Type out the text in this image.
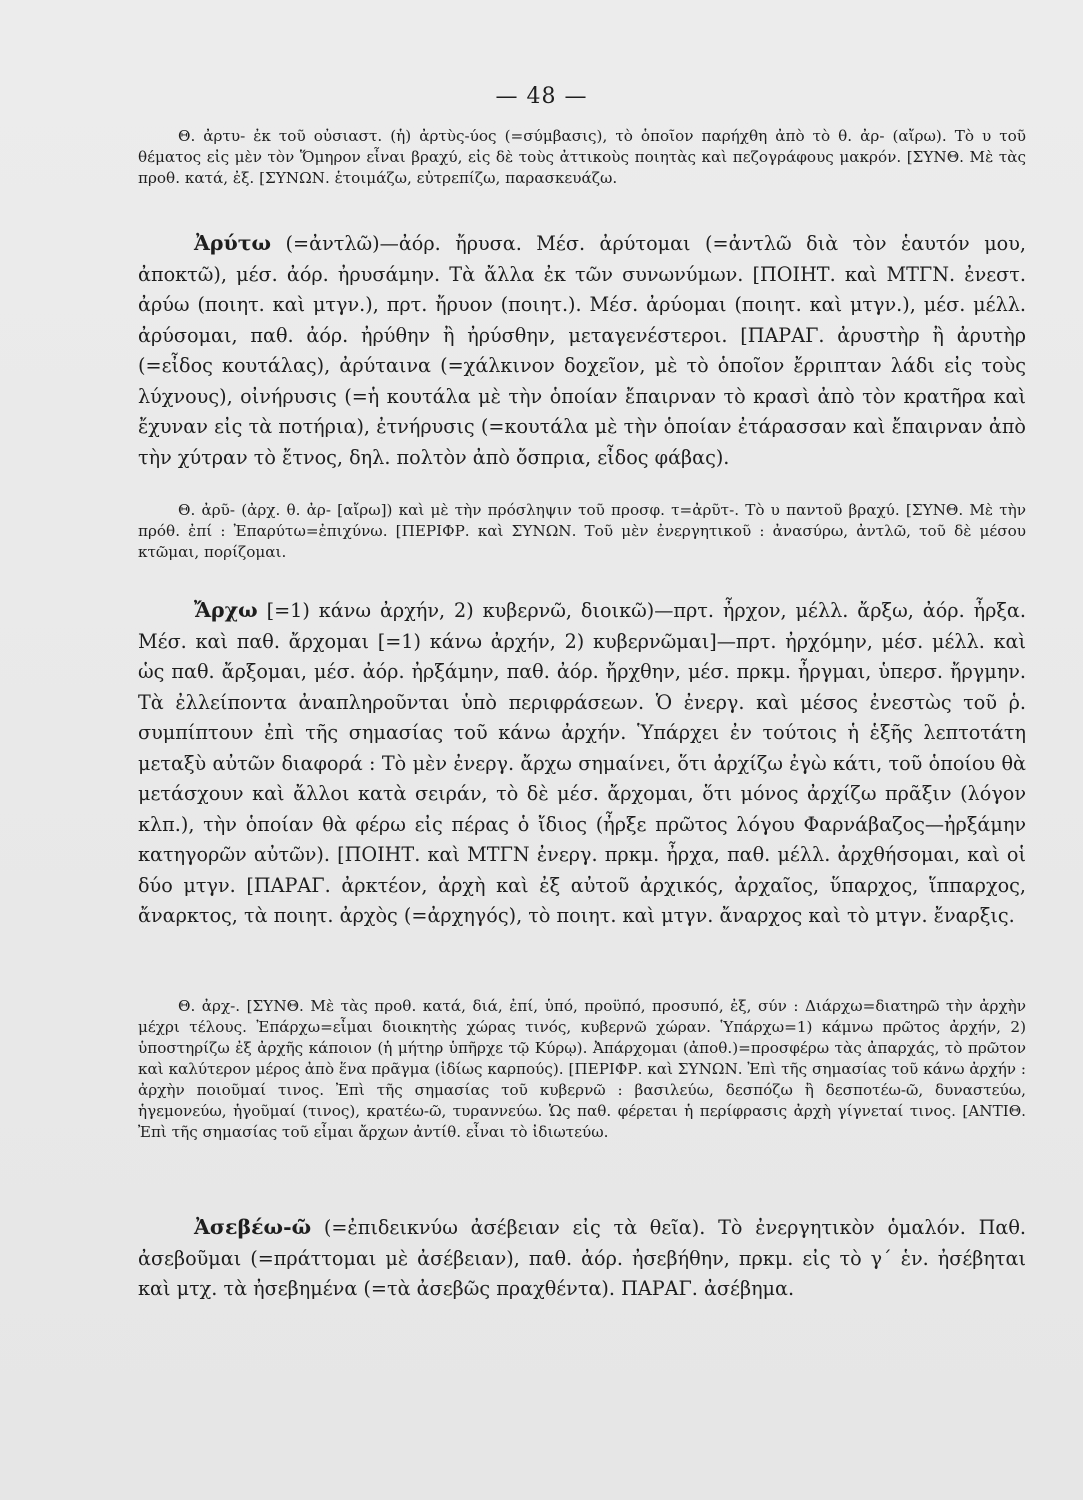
— 48 —

Θ. ἀρτυ- ἐκ τοῦ οὐσιαστ. (ἡ) ἀρτὺς-ύος (=σύμβασις), τὸ ὁποῖον παρήχθη ἀπὸ τὸ θ. ἀρ- (αἴρω). Τὸ υ τοῦ θέματος εἰς μὲν τὸν Ὅμηρον εἶναι βραχύ, εἰς δὲ τοὺς ἀττικοὺς ποιητὰς καὶ πεζογράφους μακρόν. [ΣΥΝΘ. Μὲ τὰς προθ. κατά, ἐξ. [ΣΥΝΩΝ. ἑτοιμάζω, εὐτρεπίζω, παρασκευάζω.

Ἀρύτω (=ἀντλῶ)—ἀόρ. ἤρυσα. Μέσ. ἀρύτομαι (=ἀντλῶ διὰ τὸν ἑαυτόν μου, ἀποκτῶ), μέσ. ἀόρ. ἠρυσάμην. Τὰ ἄλλα ἐκ τῶν συνωνύμων. [ΠΟΙΗΤ. καὶ ΜΤΓΝ. ἐνεστ. ἀρύω (ποιητ. καὶ μτγν.), πρτ. ἤρυον (ποιητ.). Μέσ. ἀρύομαι (ποιητ. καὶ μτγν.), μέσ. μέλλ. ἀρύσομαι, παθ. ἀόρ. ἠρύθην ἢ ἠρύσθην, μεταγενέστεροι. [ΠΑΡΑΓ. ἀρυστὴρ ἢ ἀρυτὴρ (=εἶδος κουτάλας), ἀρύταινα (=χάλκινον δοχεῖον, μὲ τὸ ὁποῖον ἔρριπταν λάδι εἰς τοὺς λύχνους), οἰνήρυσις (=ἡ κουτάλα μὲ τὴν ὁποίαν ἔπαιρναν τὸ κρασὶ ἀπὸ τὸν κρατῆρα καὶ ἔχυναν εἰς τὰ ποτήρια), ἐτνήρυσις (=κουτάλα μὲ τὴν ὁποίαν ἐτάρασσαν καὶ ἔπαιρναν ἀπὸ τὴν χύτραν τὸ ἔτνος, δηλ. πολτὸν ἀπὸ ὄσπρια, εἶδος φάβας).

Θ. ἀρῦ- (ἀρχ. θ. ἀρ- [αἴρω]) καὶ μὲ τὴν πρόσληψιν τοῦ προσφ. τ=ἀρῦτ-. Τὸ υ παντοῦ βραχύ. [ΣΥΝΘ. Μὲ τὴν πρόθ. ἐπί : Ἐπαρύτω=ἐπιχύνω. [ΠΕΡΙΦΡ. καὶ ΣΥΝΩΝ. Τοῦ μὲν ἐνεργητικοῦ : ἀνασύρω, ἀντλῶ, τοῦ δὲ μέσου κτῶμαι, πορίζομαι.

Ἄρχω [=1) κάνω ἀρχήν, 2) κυβερνῶ, διοικῶ)—πρτ. ἦρχον, μέλλ. ἄρξω, ἀόρ. ἦρξα. Μέσ. καὶ παθ. ἄρχομαι [=1) κάνω ἀρχήν, 2) κυβερνῶμαι]—πρτ. ἠρχόμην, μέσ. μέλλ. καὶ ὡς παθ. ἄρξομαι, μέσ. ἀόρ. ἠρξάμην, παθ. ἀόρ. ἤρχθην, μέσ. πρκμ. ἦργμαι, ὑπερσ. ἤργμην. Τὰ ἐλλείποντα ἀναπληροῦνται ὑπὸ περιφράσεων. Ὁ ἐνεργ. καὶ μέσος ἐνεστὼς τοῦ ῥ. συμπίπτουν ἐπὶ τῆς σημασίας τοῦ κάνω ἀρχήν. Ὑπάρχει ἐν τούτοις ἡ ἑξῆς λεπτοτάτη μεταξὺ αὐτῶν διαφορά : Τὸ μὲν ἐνεργ. ἄρχω σημαίνει, ὅτι ἀρχίζω ἐγὼ κάτι, τοῦ ὁποίου θὰ μετάσχουν καὶ ἄλλοι κατὰ σειράν, τὸ δὲ μέσ. ἄρχομαι, ὅτι μόνος ἀρχίζω πρᾶξιν (λόγον κλπ.), τὴν ὁποίαν θὰ φέρω εἰς πέρας ὁ ἴδιος (ἦρξε πρῶτος λόγου Φαρνάβαζος—ἠρξάμην κατηγορῶν αὐτῶν). [ΠΟΙΗΤ. καὶ ΜΤΓΝ ἐνεργ. πρκμ. ἦρχα, παθ. μέλλ. ἀρχθήσομαι, καὶ οἱ δύο μτγν. [ΠΑΡΑΓ. ἀρκτέον, ἀρχὴ καὶ ἐξ αὐτοῦ ἀρχικός, ἀρχαῖος, ὕπαρχος, ἵππαρχος, ἄναρκτος, τὰ ποιητ. ἀρχὸς (=ἀρχηγός), τὸ ποιητ. καὶ μτγν. ἄναρχος καὶ τὸ μτγν. ἔναρξις.

Θ. ἀρχ-. [ΣΥΝΘ. Μὲ τὰς προθ. κατά, διά, ἐπί, ὑπό, προϋπό, προσυπό, ἐξ, σύν : Διάρχω=διατηρῶ τὴν ἀρχὴν μέχρι τέλους. Ἐπάρχω=εἶμαι διοικητὴς χώρας τινός, κυβερνῶ χώραν. Ὑπάρχω=1) κάμνω πρῶτος ἀρχήν, 2) ὑποστηρίζω ἐξ ἀρχῆς κάποιον (ἡ μήτηρ ὑπῆρχε τῷ Κύρῳ). Ἀπάρχομαι (ἀποθ.)=προσφέρω τὰς ἀπαρχάς, τὸ πρῶτον καὶ καλύτερον μέρος ἀπὸ ἕνα πρᾶγμα (ἰδίως καρπούς). [ΠΕΡΙΦΡ. καὶ ΣΥΝΩΝ. Ἐπὶ τῆς σημασίας τοῦ κάνω ἀρχήν : ἀρχὴν ποιοῦμαί τινος. Ἐπὶ τῆς σημασίας τοῦ κυβερνῶ : βασιλεύω, δεσπόζω ἢ δεσποτέω-ῶ, δυναστεύω, ἡγεμονεύω, ἡγοῦμαί (τινος), κρατέω-ῶ, τυραννεύω. Ὡς παθ. φέρεται ἡ περίφρασις ἀρχὴ γίγνεταί τινος. [ΑΝΤΙΘ. Ἐπὶ τῆς σημασίας τοῦ εἶμαι ἄρχων ἀντίθ. εἶναι τὸ ἰδιωτεύω.

Ἀσεβέω-ῶ (=ἐπιδεικνύω ἀσέβειαν εἰς τὰ θεῖα). Τὸ ἐνεργητικὸν ὁμαλόν. Παθ. ἀσεβοῦμαι (=πράττομαι μὲ ἀσέβειαν), παθ. ἀόρ. ἠσεβήθην, πρκμ. εἰς τὸ γ΄ ἑν. ἠσέβηται καὶ μτχ. τὰ ἠσεβημένα (=τὰ ἀσεβῶς πραχθέντα). ΠΑΡΑΓ. ἀσέβημα.
